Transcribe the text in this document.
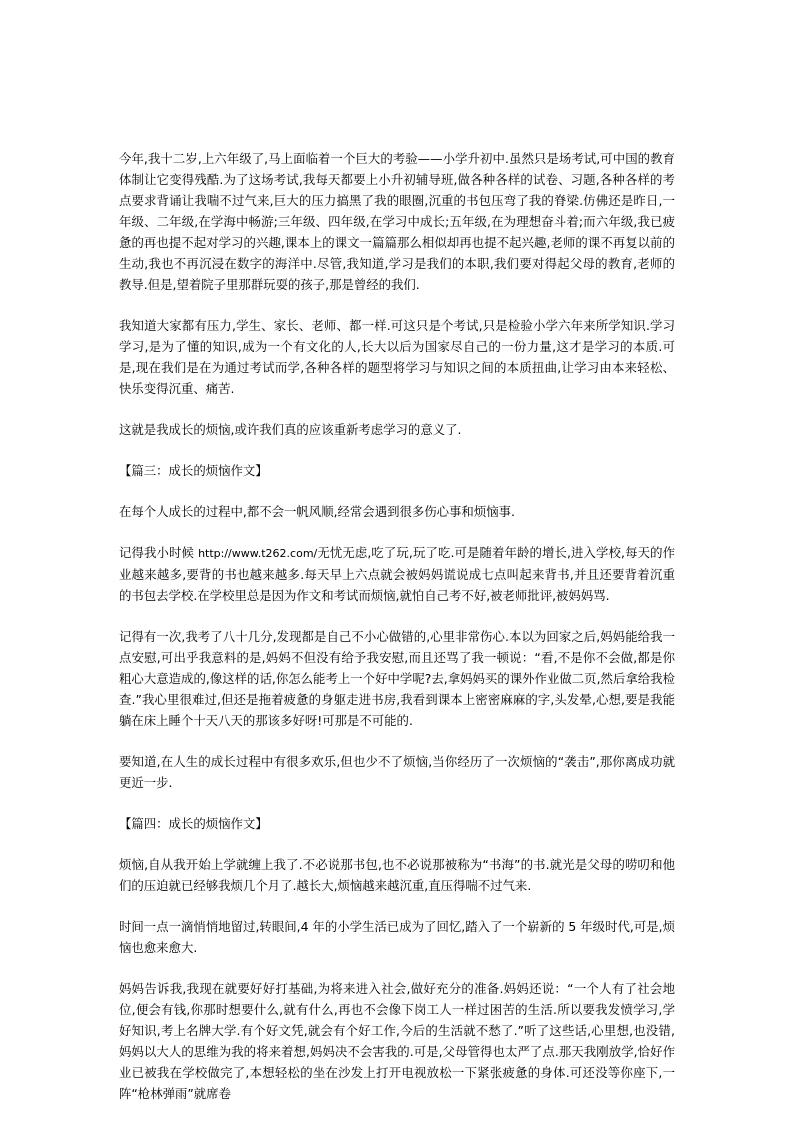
今年,我十二岁,上六年级了,马上面临着一个巨大的考验——小学升初中.虽然只是场考试,可中国的教育体制让它变得残酷.为了这场考试,我每天都要上小升初辅导班,做各种各样的试卷、习题,各种各样的考点要求背诵让我喘不过气来,巨大的压力搞黑了我的眼圈,沉重的书包压弯了我的脊梁.仿佛还是昨日,一年级、二年级,在学海中畅游;三年级、四年级,在学习中成长;五年级,在为理想奋斗着;而六年级,我已疲惫的再也提不起对学习的兴趣,课本上的课文一篇篇那么相似却再也提不起兴趣,老师的课不再复以前的生动,我也不再沉浸在数字的海洋中.尽管,我知道,学习是我们的本职,我们要对得起父母的教育,老师的教导.但是,望着院子里那群玩耍的孩子,那是曾经的我们.

我知道大家都有压力,学生、家长、老师、都一样.可这只是个考试,只是检验小学六年来所学知识.学习学习,是为了懂的知识,成为一个有文化的人,长大以后为国家尽自己的一份力量,这才是学习的本质.可是,现在我们是在为通过考试而学,各种各样的题型将学习与知识之间的本质扭曲,让学习由本来轻松、快乐变得沉重、痛苦.

这就是我成长的烦恼,或许我们真的应该重新考虑学习的意义了.

【篇三：成长的烦恼作文】

在每个人成长的过程中,都不会一帆风顺,经常会遇到很多伤心事和烦恼事.

记得我小时候 http://www.t262.com/无忧无虑,吃了玩,玩了吃.可是随着年龄的增长,进入学校,每天的作业越来越多,要背的书也越来越多.每天早上六点就会被妈妈谎说成七点叫起来背书,并且还要背着沉重的书包去学校.在学校里总是因为作文和考试而烦恼,就怕自己考不好,被老师批评,被妈妈骂.

记得有一次,我考了八十几分,发现都是自己不小心做错的,心里非常伤心.本以为回家之后,妈妈能给我一点安慰,可出乎我意料的是,妈妈不但没有给予我安慰,而且还骂了我一顿说：“看,不是你不会做,都是你粗心大意造成的,像这样的话,你怎么能考上一个好中学呢?去,拿妈妈买的课外作业做二页,然后拿给我检查.”我心里很难过,但还是拖着疲惫的身躯走进书房,我看到课本上密密麻麻的字,头发晕,心想,要是我能躺在床上睡个十天八天的那该多好呀!可那是不可能的.

要知道,在人生的成长过程中有很多欢乐,但也少不了烦恼,当你经历了一次烦恼的“袭击”,那你离成功就更近一步.

【篇四：成长的烦恼作文】

烦恼,自从我开始上学就缠上我了.不必说那书包,也不必说那被称为“书海”的书.就光是父母的唠叨和他们的压迫就已经够我烦几个月了.越长大,烦恼越来越沉重,直压得喘不过气来.

时间一点一滴悄悄地留过,转眼间,4 年的小学生活已成为了回忆,踏入了一个崭新的 5 年级时代,可是,烦恼也愈来愈大.

妈妈告诉我,我现在就要好好打基础,为将来进入社会,做好充分的准备.妈妈还说：“一个人有了社会地位,便会有钱,你那时想要什么,就有什么,再也不会像下岗工人一样过困苦的生活.所以要我发愤学习,学好知识,考上名牌大学.有个好文凭,就会有个好工作,今后的生活就不愁了.”听了这些话,心里想,也没错,妈妈以大人的思维为我的将来着想,妈妈决不会害我的.可是,父母管得也太严了点.那天我刚放学,恰好作业已被我在学校做完了,本想轻松的坐在沙发上打开电视放松一下紧张疲惫的身体.可还没等你座下,一阵“枪林弹雨”就席卷
